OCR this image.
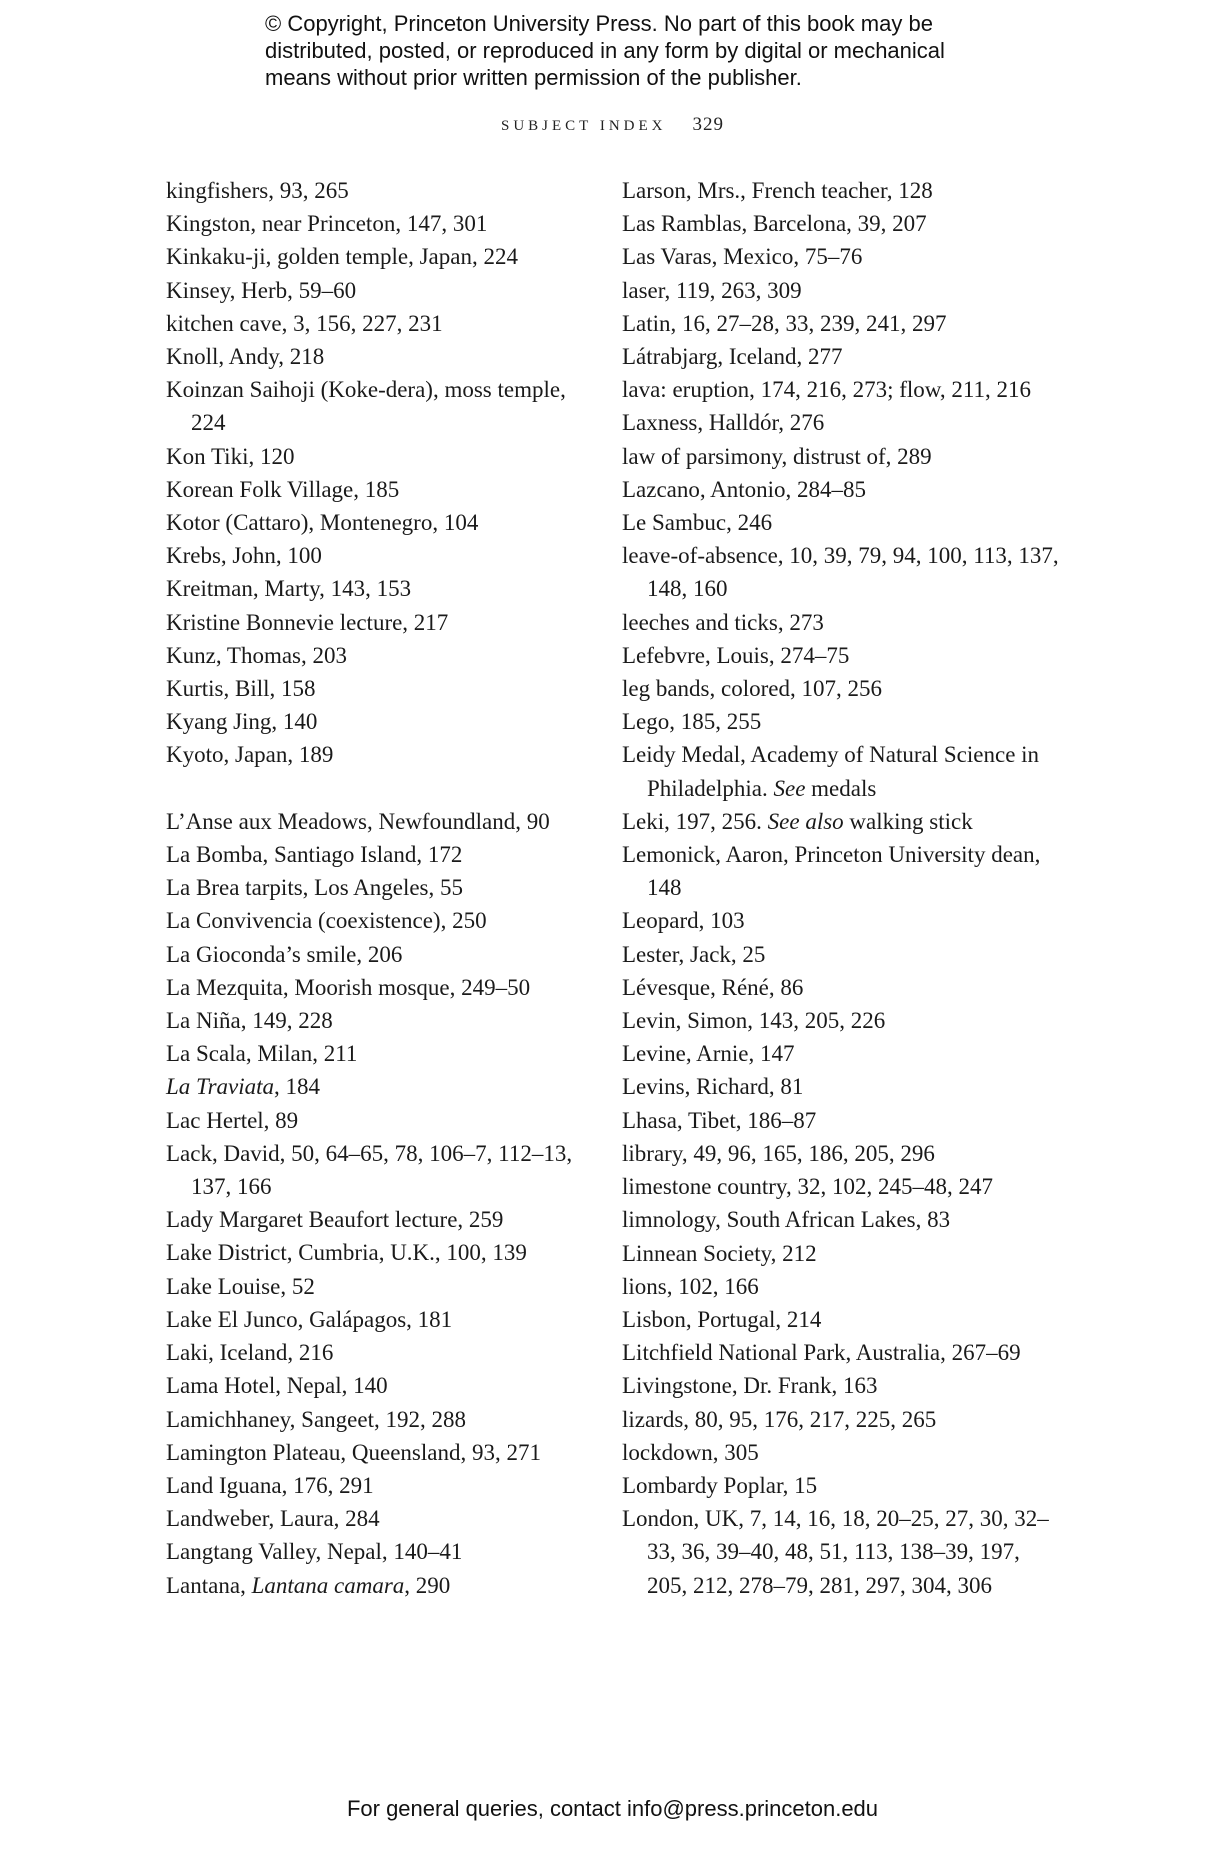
© Copyright, Princeton University Press. No part of this book may be
distributed, posted, or reproduced in any form by digital or mechanical
means without prior written permission of the publisher.
SUBJECT INDEX 329
kingfishers, 93, 265
Kingston, near Princeton, 147, 301
Kinkaku-ji, golden temple, Japan, 224
Kinsey, Herb, 59–60
kitchen cave, 3, 156, 227, 231
Knoll, Andy, 218
Koinzan Saihoji (Koke-dera), moss temple, 224
Kon Tiki, 120
Korean Folk Village, 185
Kotor (Cattaro), Montenegro, 104
Krebs, John, 100
Kreitman, Marty, 143, 153
Kristine Bonnevie lecture, 217
Kunz, Thomas, 203
Kurtis, Bill, 158
Kyang Jing, 140
Kyoto, Japan, 189
L’Anse aux Meadows, Newfoundland, 90
La Bomba, Santiago Island, 172
La Brea tarpits, Los Angeles, 55
La Convivencia (coexistence), 250
La Gioconda’s smile, 206
La Mezquita, Moorish mosque, 249–50
La Niña, 149, 228
La Scala, Milan, 211
La Traviata, 184
Lac Hertel, 89
Lack, David, 50, 64–65, 78, 106–7, 112–13, 137, 166
Lady Margaret Beaufort lecture, 259
Lake District, Cumbria, U.K., 100, 139
Lake Louise, 52
Lake El Junco, Galápagos, 181
Laki, Iceland, 216
Lama Hotel, Nepal, 140
Lamichhaney, Sangeet, 192, 288
Lamington Plateau, Queensland, 93, 271
Land Iguana, 176, 291
Landweber, Laura, 284
Langtang Valley, Nepal, 140–41
Lantana, Lantana camara, 290
Larson, Mrs., French teacher, 128
Las Ramblas, Barcelona, 39, 207
Las Varas, Mexico, 75–76
laser, 119, 263, 309
Latin, 16, 27–28, 33, 239, 241, 297
Látrabjarg, Iceland, 277
lava: eruption, 174, 216, 273; flow, 211, 216
Laxness, Halldór, 276
law of parsimony, distrust of, 289
Lazcano, Antonio, 284–85
Le Sambuc, 246
leave-of-absence, 10, 39, 79, 94, 100, 113, 137, 148, 160
leeches and ticks, 273
Lefebvre, Louis, 274–75
leg bands, colored, 107, 256
Lego, 185, 255
Leidy Medal, Academy of Natural Science in Philadelphia. See medals
Leki, 197, 256. See also walking stick
Lemonick, Aaron, Princeton University dean, 148
Leopard, 103
Lester, Jack, 25
Lévesque, Réné, 86
Levin, Simon, 143, 205, 226
Levine, Arnie, 147
Levins, Richard, 81
Lhasa, Tibet, 186–87
library, 49, 96, 165, 186, 205, 296
limestone country, 32, 102, 245–48, 247
limnology, South African Lakes, 83
Linnean Society, 212
lions, 102, 166
Lisbon, Portugal, 214
Litchfield National Park, Australia, 267–69
Livingstone, Dr. Frank, 163
lizards, 80, 95, 176, 217, 225, 265
lockdown, 305
Lombardy Poplar, 15
London, UK, 7, 14, 16, 18, 20–25, 27, 30, 32–33, 36, 39–40, 48, 51, 113, 138–39, 197, 205, 212, 278–79, 281, 297, 304, 306
For general queries, contact info@press.princeton.edu
